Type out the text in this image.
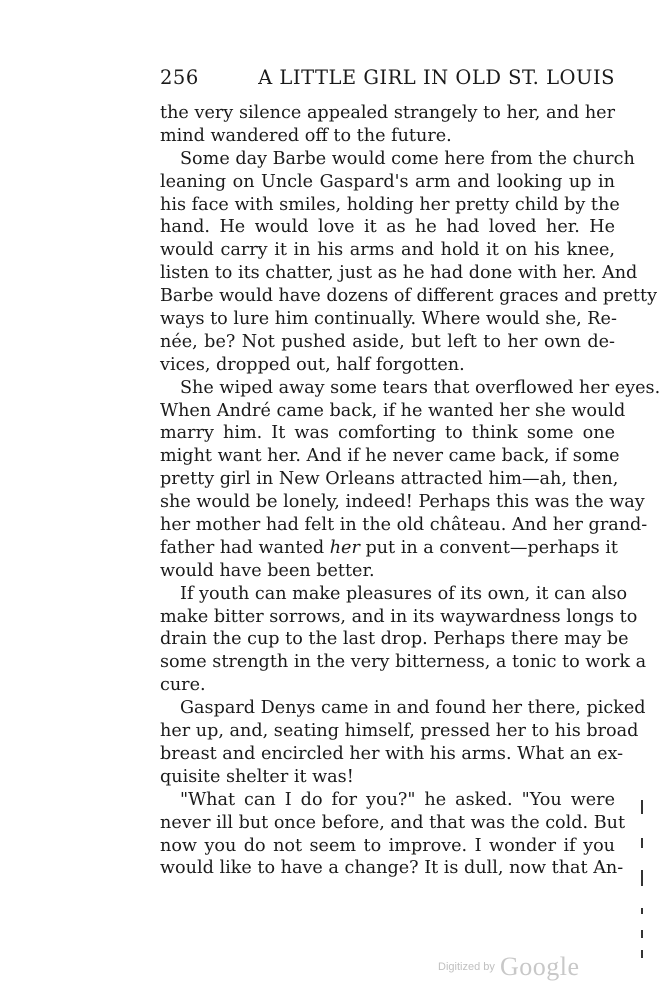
256	A LITTLE GIRL IN OLD ST. LOUIS

the very silence appealed strangely to her, and her
mind wandered off to the future.

Some day Barbe would come here from the church
leaning on Uncle Gaspard's arm and looking up in
his face with smiles, holding her pretty child by the
hand. He would love it as he had loved her. He
would carry it in his arms and hold it on his knee,
listen to its chatter, just as he had done with her. And
Barbe would have dozens of different graces and pretty
ways to lure him continually. Where would she, Re-
née, be? Not pushed aside, but left to her own de-
vices, dropped out, half forgotten.

She wiped away some tears that overflowed her eyes.
When André came back, if he wanted her she would
marry him. It was comforting to think some one
might want her. And if he never came back, if some
pretty girl in New Orleans attracted him—ah, then,
she would be lonely, indeed! Perhaps this was the way
her mother had felt in the old château. And her grand-
father had wanted her put in a convent—perhaps it
would have been better.

If youth can make pleasures of its own, it can also
make bitter sorrows, and in its waywardness longs to
drain the cup to the last drop. Perhaps there may be
some strength in the very bitterness, a tonic to work a
cure.

Gaspard Denys came in and found her there, picked
her up, and, seating himself, pressed her to his broad
breast and encircled her with his arms. What an ex-
quisite shelter it was!

"What can I do for you?" he asked. "You were
never ill but once before, and that was the cold. But
now you do not seem to improve. I wonder if you
would like to have a change? It is dull, now that An-

Digitized by Google
